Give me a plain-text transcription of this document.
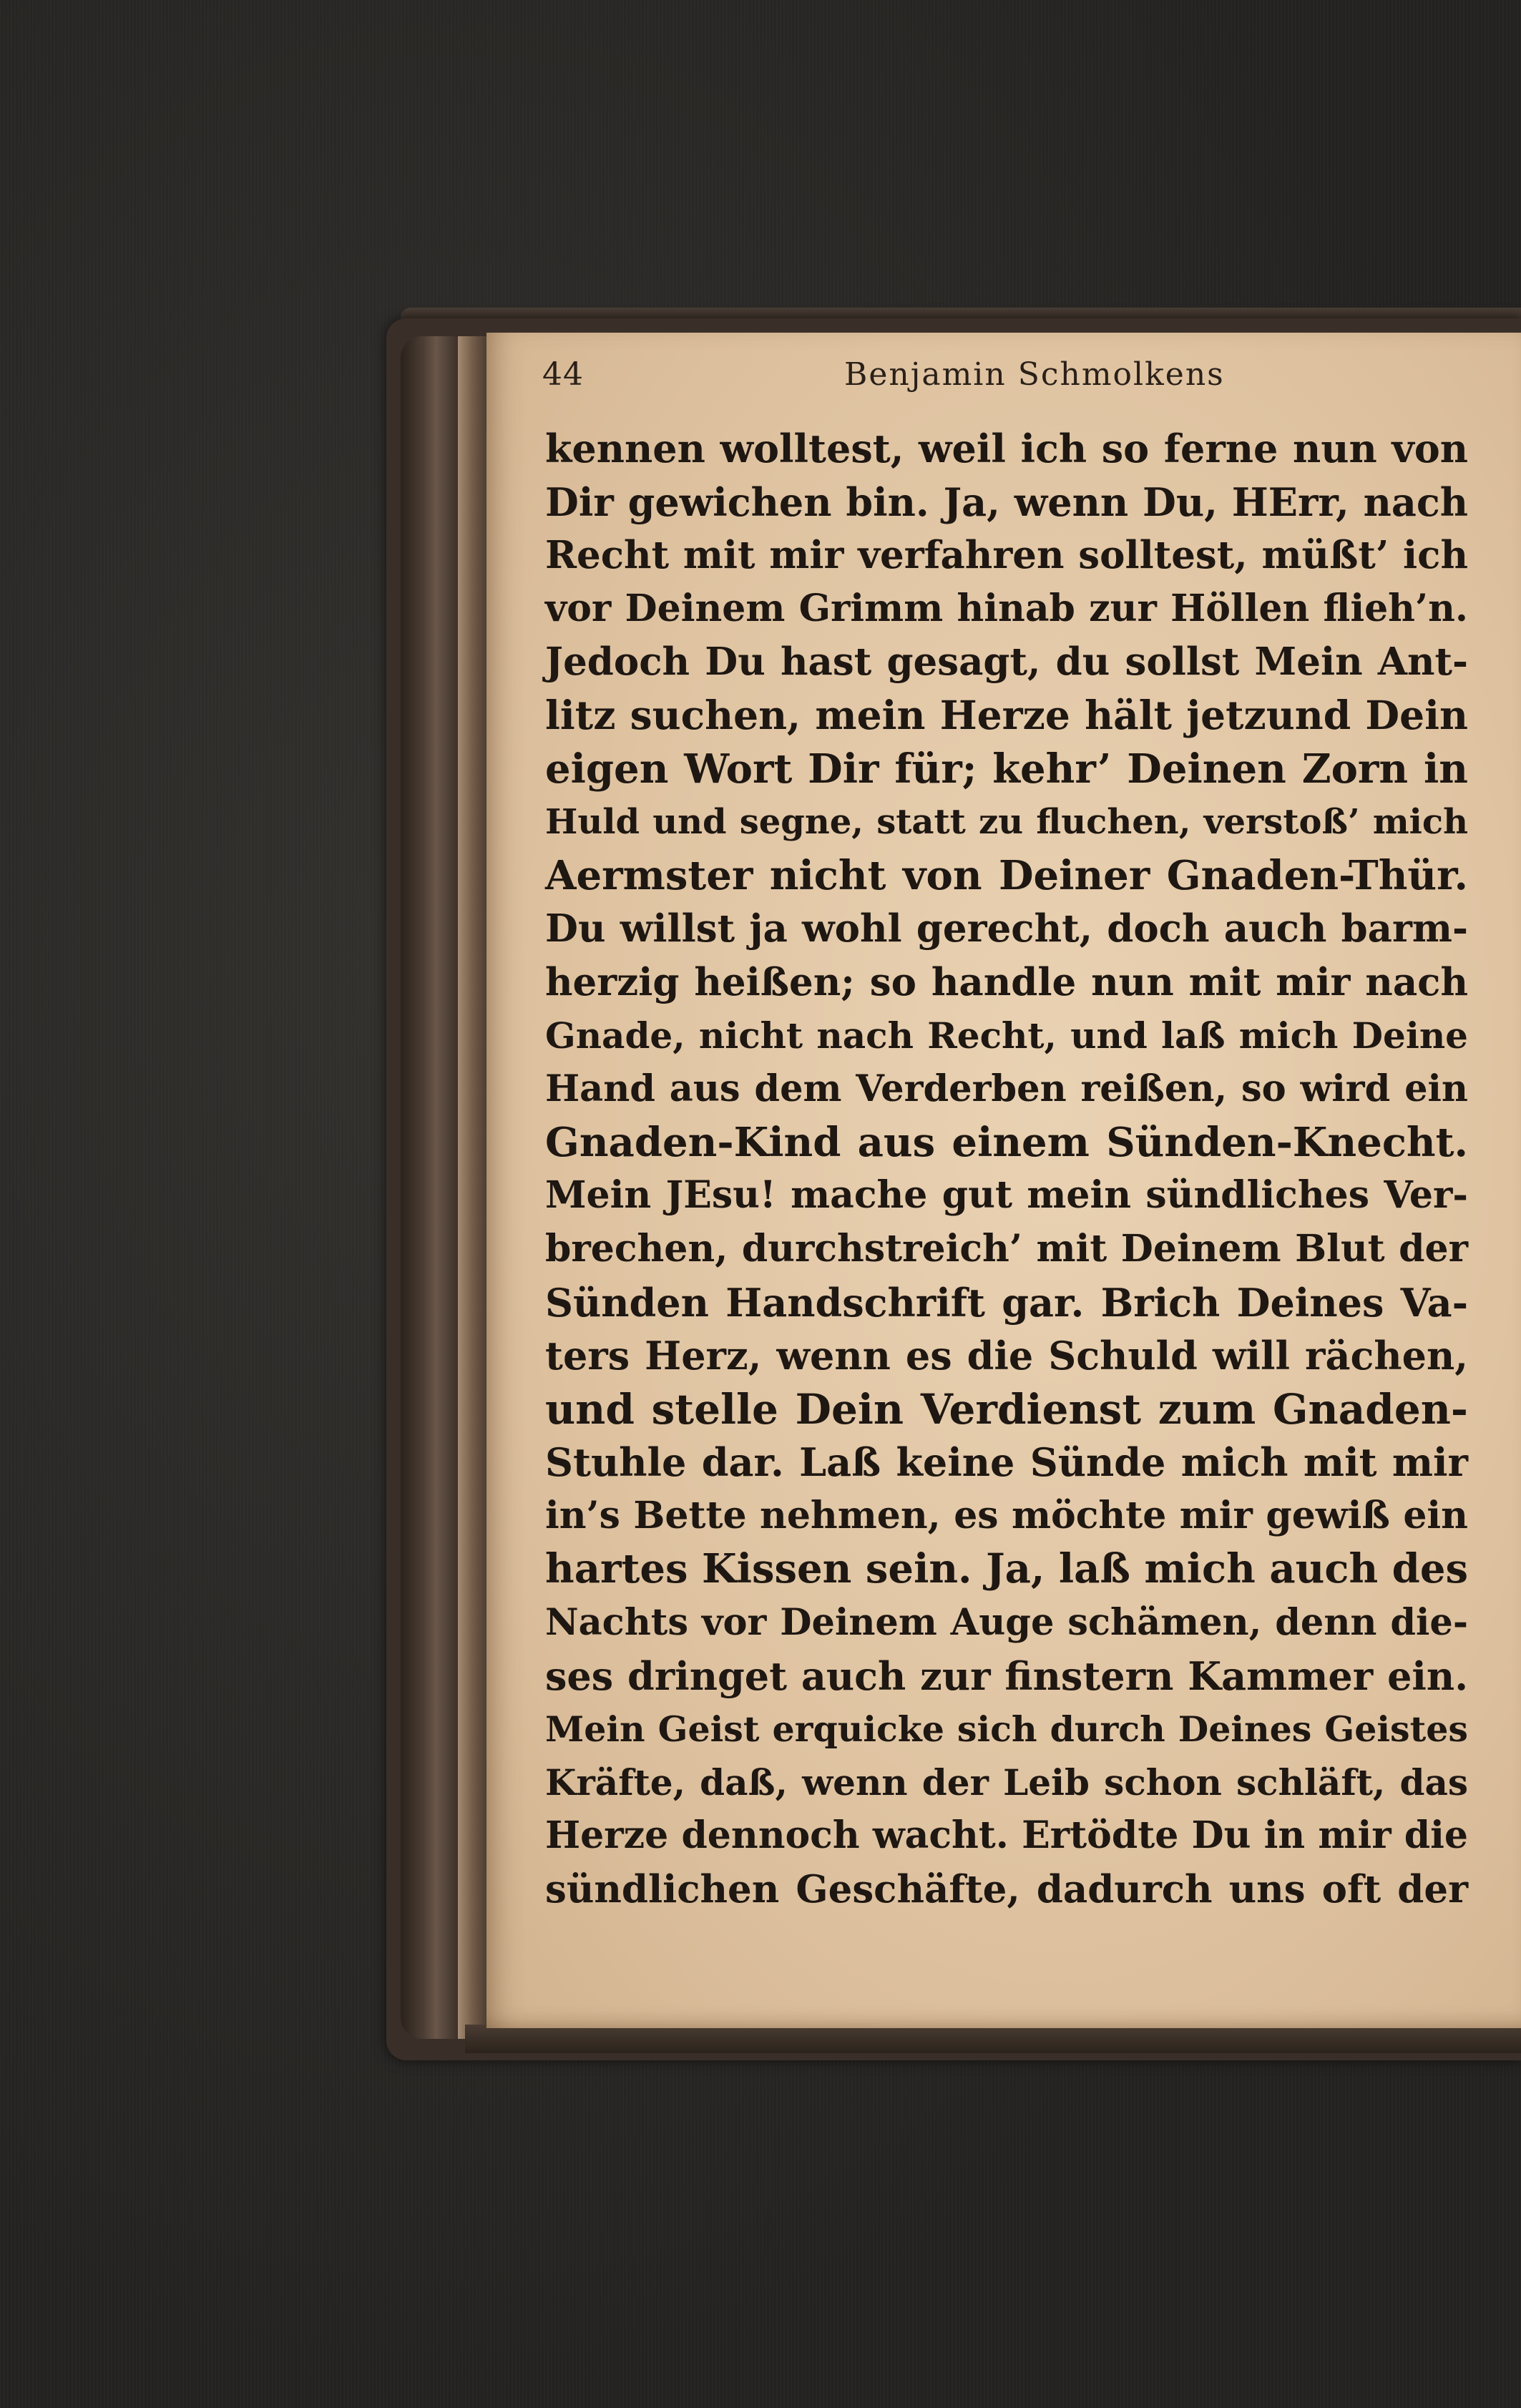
44	Benjamin Schmolkens
kennen wolltest, weil ich so ferne nun von
Dir gewichen bin. Ja, wenn Du, HErr, nach
Recht mit mir verfahren solltest, müßt’ ich
vor Deinem Grimm hinab zur Höllen flieh’n.
Jedoch Du hast gesagt, du sollst Mein Ant-
litz suchen, mein Herze hält jetzund Dein
eigen Wort Dir für; kehr’ Deinen Zorn in
Huld und segne, statt zu fluchen, verstoß’ mich
Aermster nicht von Deiner Gnaden-Thür.
Du willst ja wohl gerecht, doch auch barm-
herzig heißen; so handle nun mit mir nach
Gnade, nicht nach Recht, und laß mich Deine
Hand aus dem Verderben reißen, so wird ein
Gnaden-Kind aus einem Sünden-Knecht.
Mein JEsu! mache gut mein sündliches Ver-
brechen, durchstreich’ mit Deinem Blut der
Sünden Handschrift gar. Brich Deines Va-
ters Herz, wenn es die Schuld will rächen,
und stelle Dein Verdienst zum Gnaden-
Stuhle dar. Laß keine Sünde mich mit mir
in’s Bette nehmen, es möchte mir gewiß ein
hartes Kissen sein. Ja, laß mich auch des
Nachts vor Deinem Auge schämen, denn die-
ses dringet auch zur finstern Kammer ein.
Mein Geist erquicke sich durch Deines Geistes
Kräfte, daß, wenn der Leib schon schläft, das
Herze dennoch wacht. Ertödte Du in mir die
sündlichen Geschäfte, dadurch uns oft der
